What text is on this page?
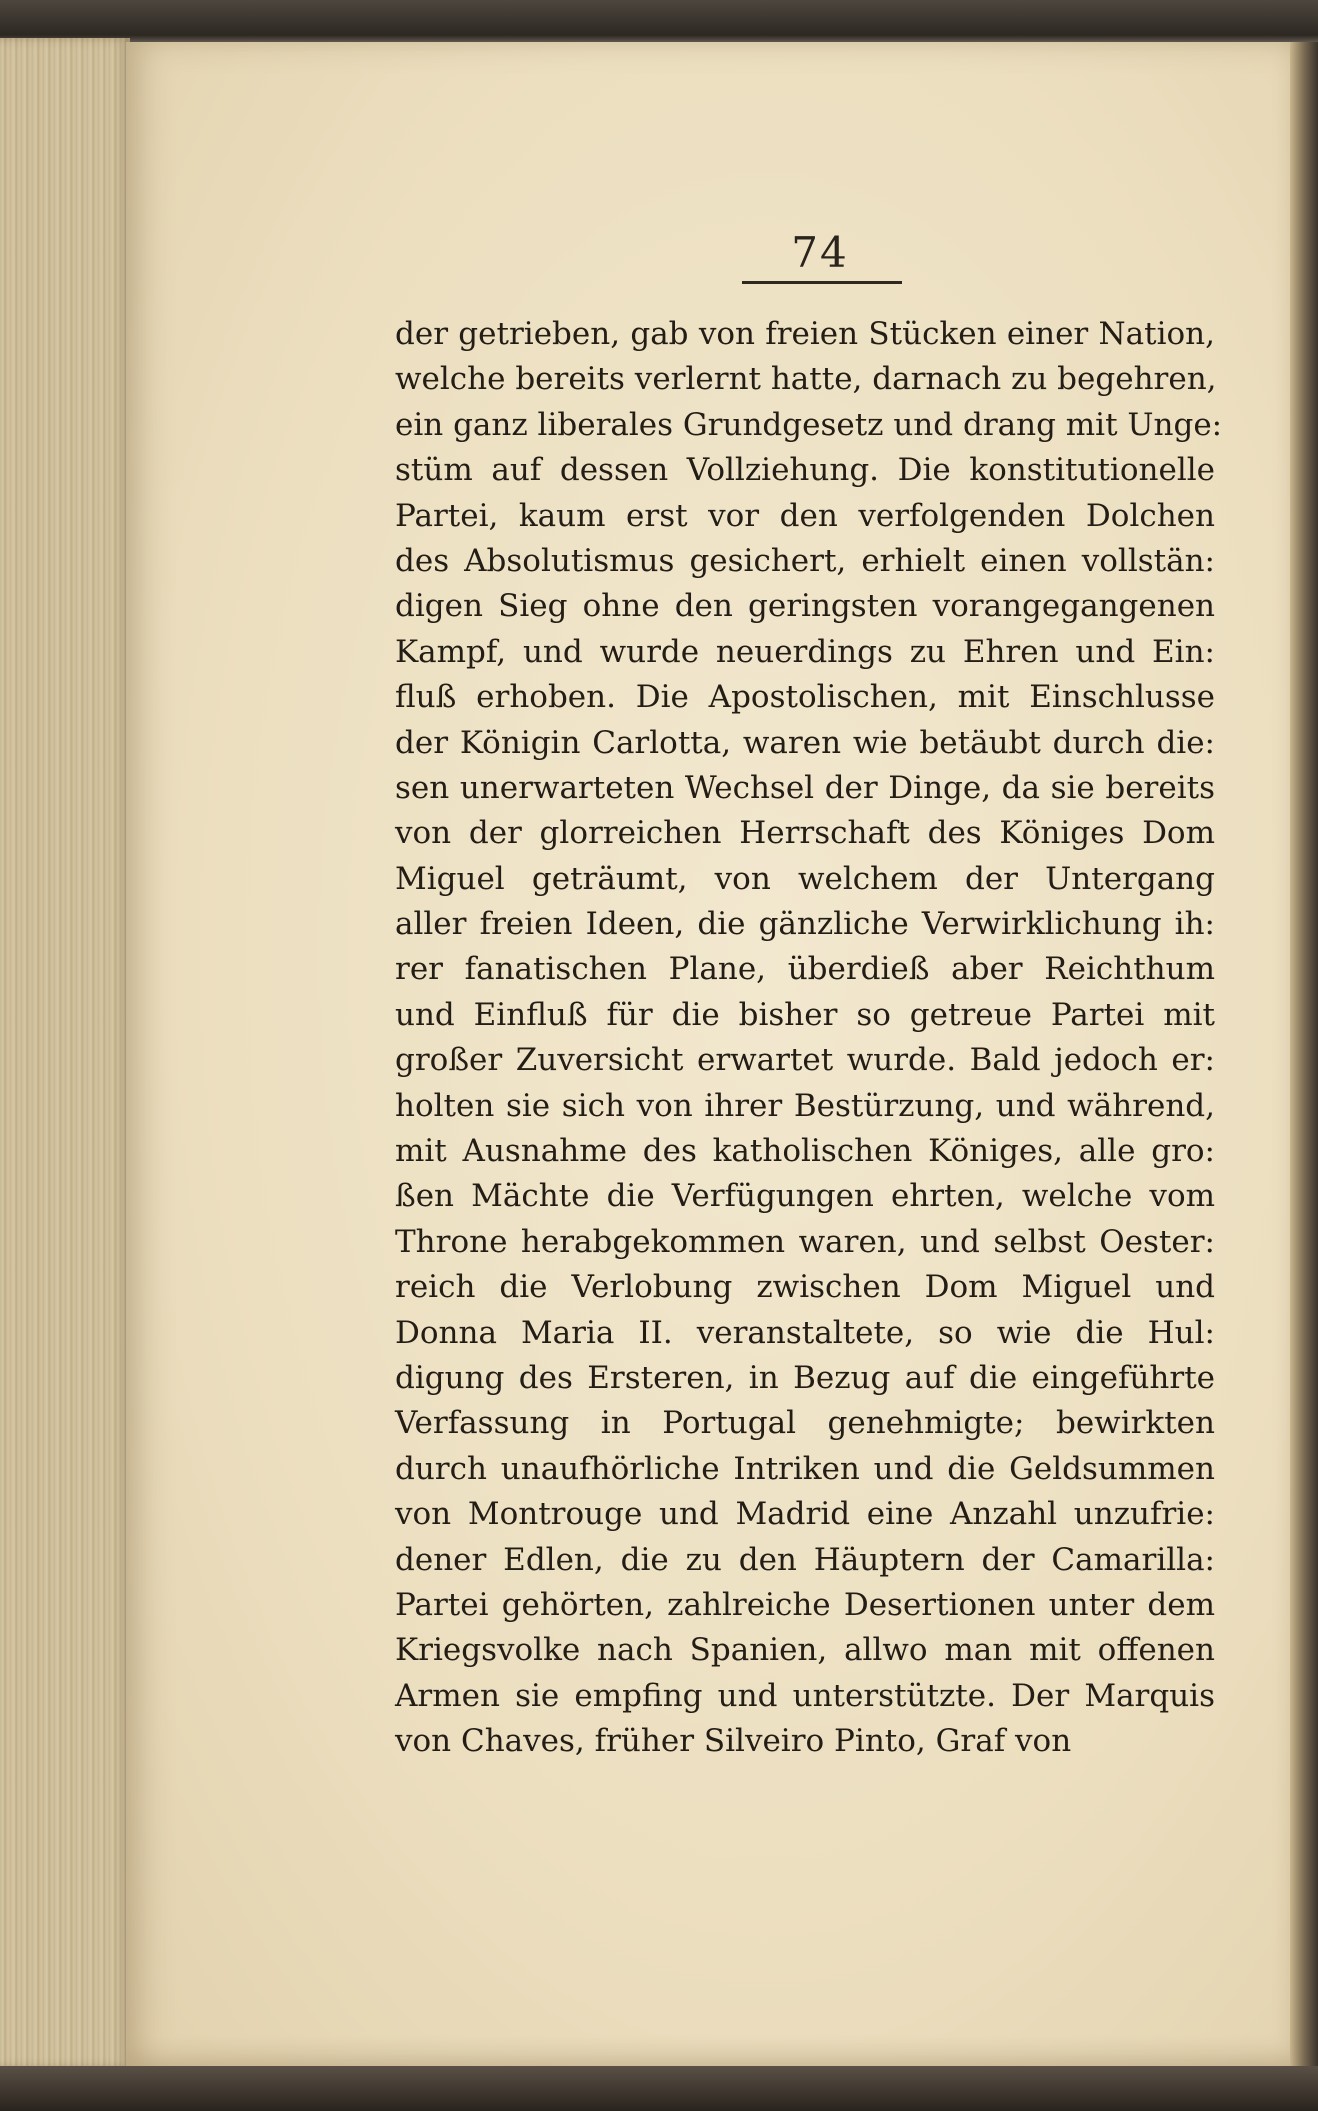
74
der getrieben, gab von freien Stücken einer Nation,
welche bereits verlernt hatte, darnach zu begehren,
ein ganz liberales Grundgesetz und drang mit Unge:
stüm auf dessen Vollziehung. Die konstitutionelle
Partei, kaum erst vor den verfolgenden Dolchen
des Absolutismus gesichert, erhielt einen vollstän:
digen Sieg ohne den geringsten vorangegangenen
Kampf, und wurde neuerdings zu Ehren und Ein:
fluß erhoben. Die Apostolischen, mit Einschlusse
der Königin Carlotta, waren wie betäubt durch die:
sen unerwarteten Wechsel der Dinge, da sie bereits
von der glorreichen Herrschaft des Königes Dom
Miguel geträumt, von welchem der Untergang
aller freien Ideen, die gänzliche Verwirklichung ih:
rer fanatischen Plane, überdieß aber Reichthum
und Einfluß für die bisher so getreue Partei mit
großer Zuversicht erwartet wurde. Bald jedoch er:
holten sie sich von ihrer Bestürzung, und während,
mit Ausnahme des katholischen Königes, alle gro:
ßen Mächte die Verfügungen ehrten, welche vom
Throne herabgekommen waren, und selbst Oester:
reich die Verlobung zwischen Dom Miguel und
Donna Maria II. veranstaltete, so wie die Hul:
digung des Ersteren, in Bezug auf die eingeführte
Verfassung in Portugal genehmigte; bewirkten
durch unaufhörliche Intriken und die Geldsummen
von Montrouge und Madrid eine Anzahl unzufrie:
dener Edlen, die zu den Häuptern der Camarilla:
Partei gehörten, zahlreiche Desertionen unter dem
Kriegsvolke nach Spanien, allwo man mit offenen
Armen sie empfing und unterstützte. Der Marquis
von Chaves, früher Silveiro Pinto, Graf von
